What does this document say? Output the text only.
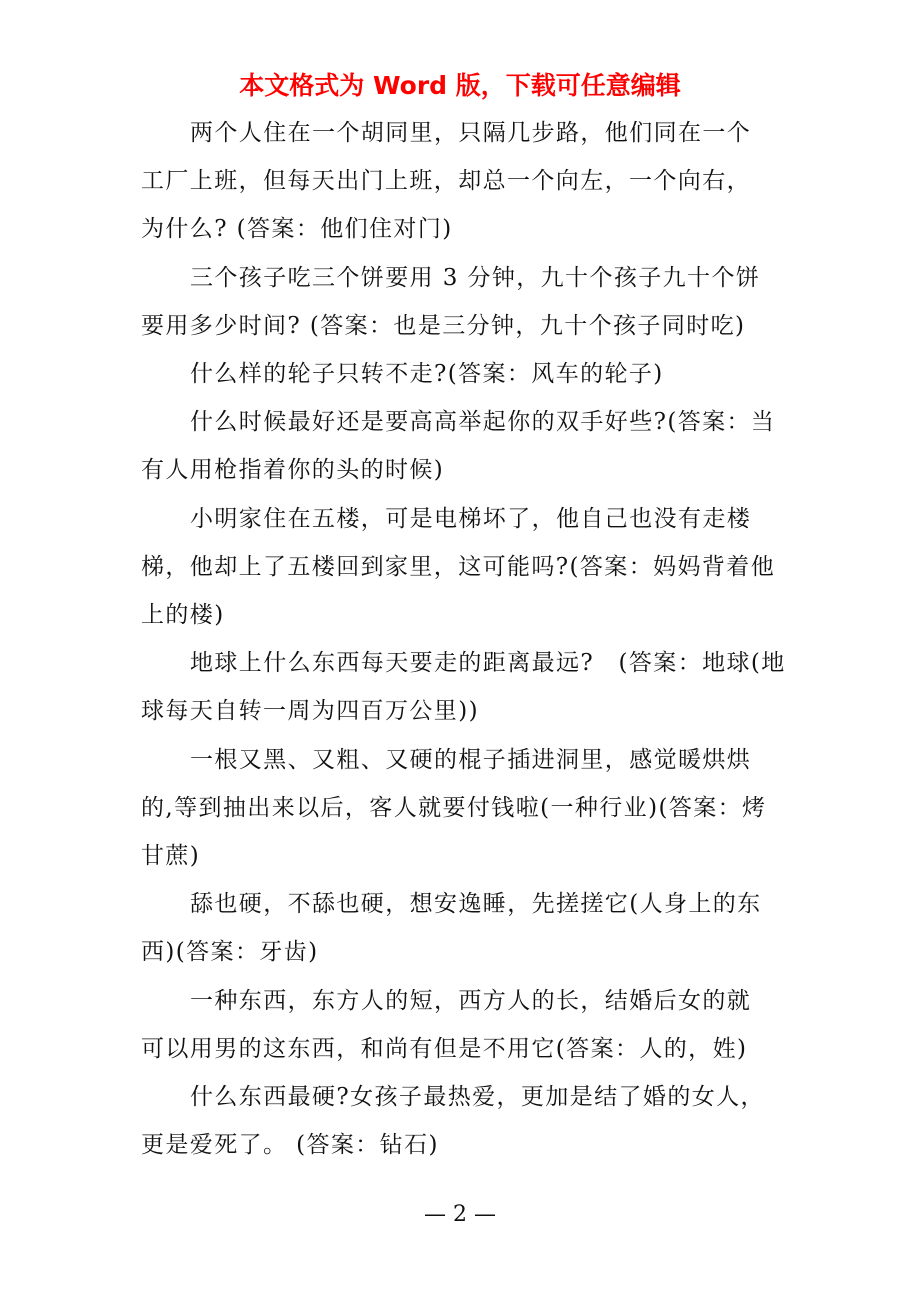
本文格式为 Word 版，下载可任意编辑
两个人住在一个胡同里，只隔几步路，他们同在一个
工厂上班，但每天出门上班，却总一个向左，一个向右，
为什么? (答案：他们住对门)
三个孩子吃三个饼要用 3 分钟，九十个孩子九十个饼
要用多少时间? (答案：也是三分钟，九十个孩子同时吃)
什么样的轮子只转不走?(答案：风车的轮子)
什么时候最好还是要高高举起你的双手好些?(答案：当
有人用枪指着你的头的时候)
小明家住在五楼，可是电梯坏了，他自己也没有走楼
梯，他却上了五楼回到家里，这可能吗?(答案：妈妈背着他
上的楼)
地球上什么东西每天要走的距离最远?　(答案：地球(地
球每天自转一周为四百万公里))
一根又黑、又粗、又硬的棍子插进洞里，感觉暖烘烘
的,等到抽出来以后，客人就要付钱啦(一种行业)(答案：烤
甘蔗)
舔也硬，不舔也硬，想安逸睡，先搓搓它(人身上的东
西)(答案：牙齿)
一种东西，东方人的短，西方人的长，结婚后女的就
可以用男的这东西，和尚有但是不用它(答案：人的，姓)
什么东西最硬?女孩子最热爱，更加是结了婚的女人，
更是爱死了。 (答案：钻石)
— 2 —
